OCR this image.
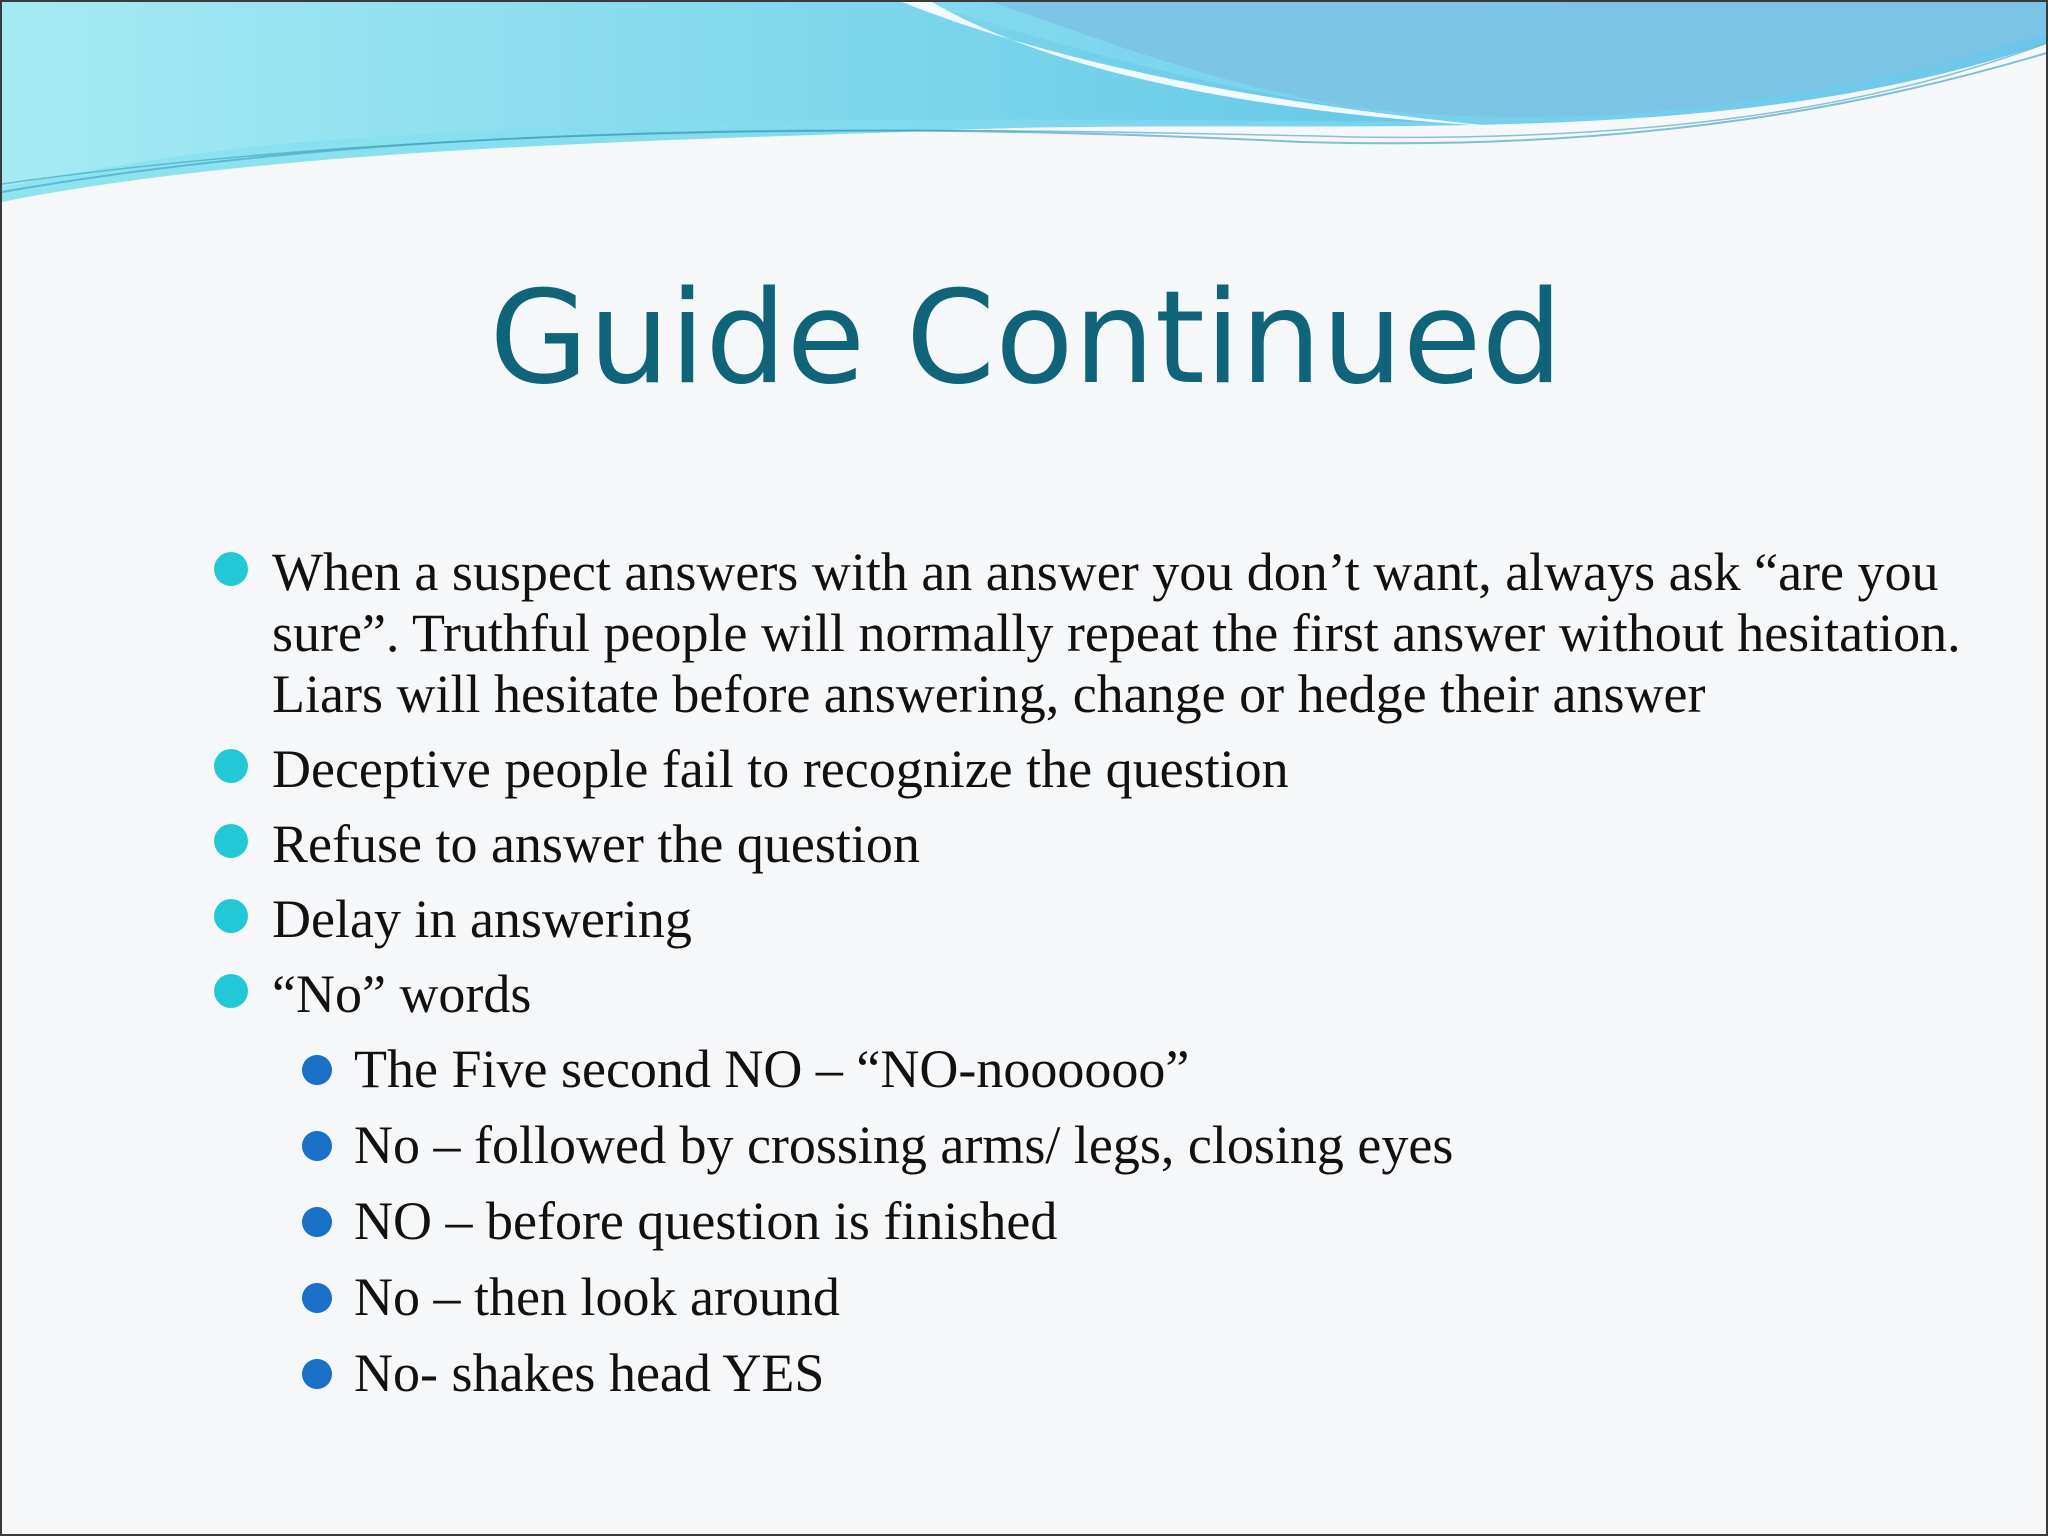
Guide Continued
When a suspect answers with an answer you don’t want, always ask “are you sure”. Truthful people will normally repeat the first answer without hesitation. Liars will hesitate before answering, change or hedge their answer
Deceptive people fail to recognize the question
Refuse to answer the question
Delay in answering
“No” words
The Five second NO – “NO-noooooo”
No – followed by crossing arms/ legs, closing eyes
NO – before question is finished
No – then look around
No- shakes head YES
